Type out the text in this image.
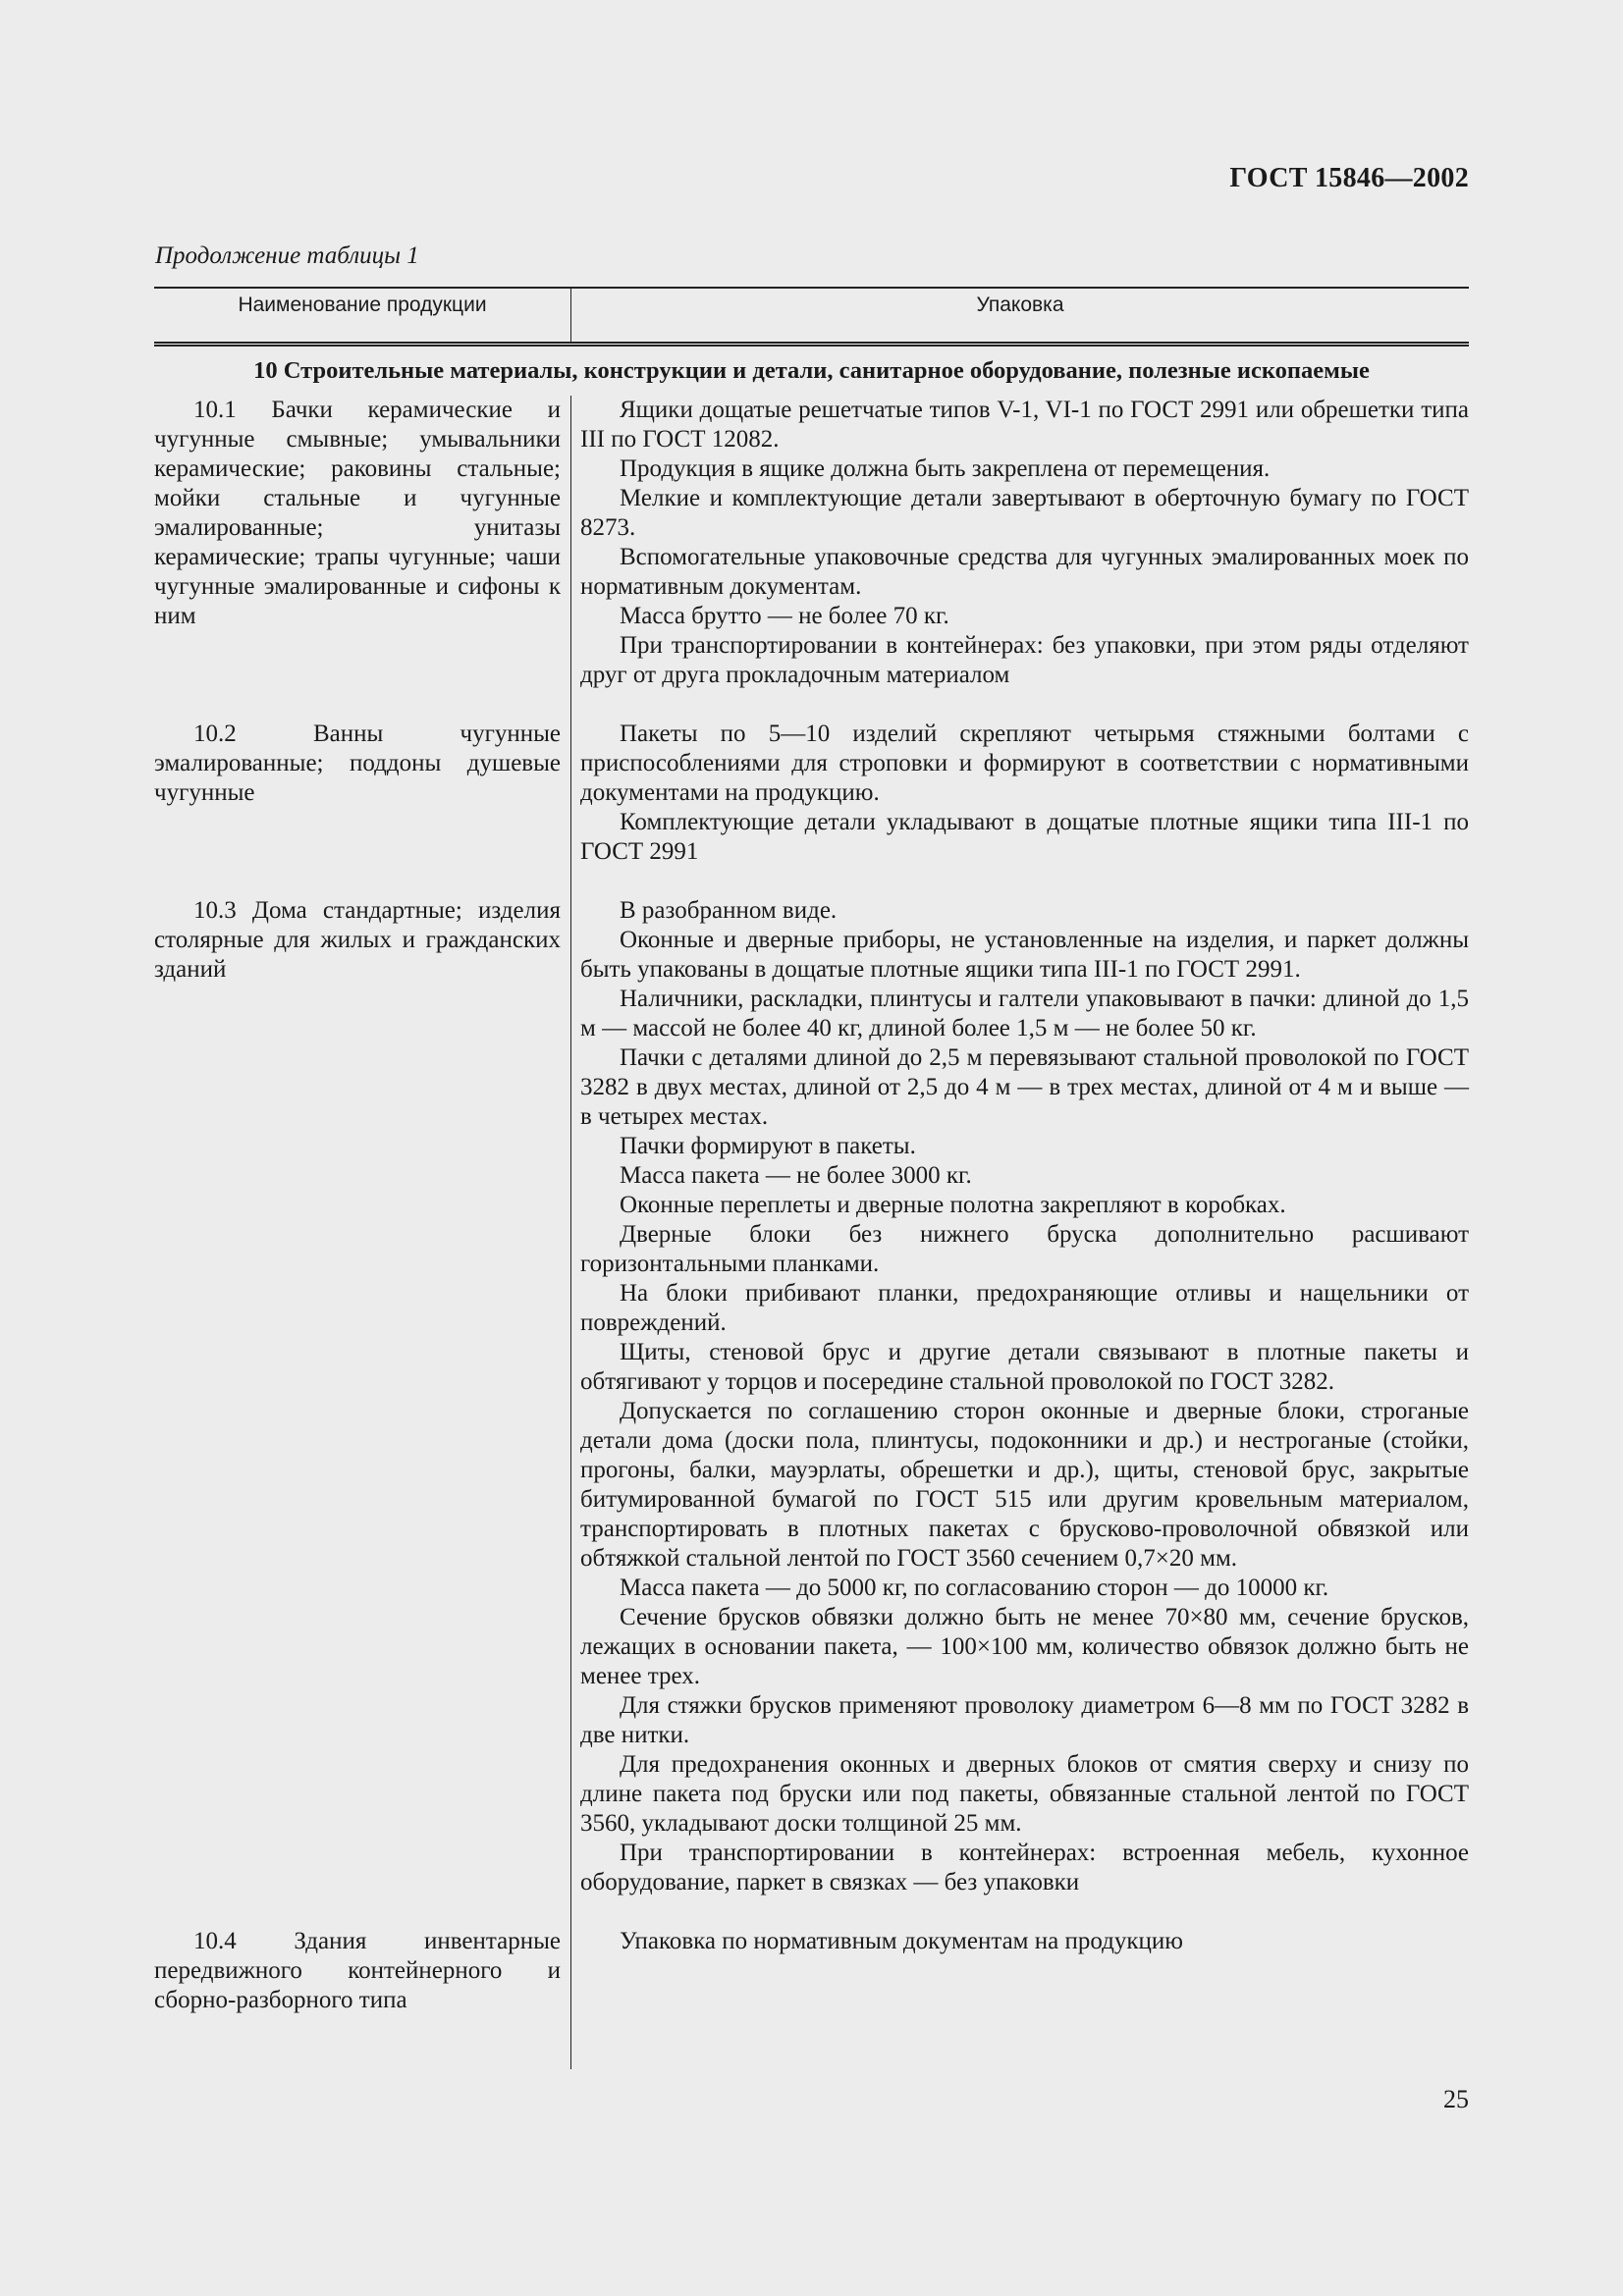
ГОСТ 15846—2002
Продолжение таблицы 1
Наименование продукции	Упаковка
10 Строительные материалы, конструкции и детали, санитарное оборудование, полезные ископаемые

10.1 Бачки керамические и чугунные смывные; умывальники керамические; раковины стальные; мойки стальные и чугунные эмалированные; унитазы керамические; трапы чугунные; чаши чугунные эмалированные и сифоны к ним

Ящики дощатые решетчатые типов V-1, VI-1 по ГОСТ 2991 или обрешетки типа III по ГОСТ 12082.

Продукция в ящике должна быть закреплена от перемещения.

Мелкие и комплектующие детали завертывают в оберточную бумагу по ГОСТ 8273.

Вспомогательные упаковочные средства для чугунных эмалированных моек по нормативным документам.

Масса брутто — не более 70 кг.

При транспортировании в контейнерах: без упаковки, при этом ряды отделяют друг от друга прокладочным материалом

10.2 Ванны чугунные эмалированные; поддоны душевые чугунные

Пакеты по 5—10 изделий скрепляют четырьмя стяжными болтами с приспособлениями для строповки и формируют в соответствии с нормативными документами на продукцию.

Комплектующие детали укладывают в дощатые плотные ящики типа III-1 по ГОСТ 2991

10.3 Дома стандартные; изделия столярные для жилых и гражданских зданий

В разобранном виде.

Оконные и дверные приборы, не установленные на изделия, и паркет должны быть упакованы в дощатые плотные ящики типа III-1 по ГОСТ 2991.

Наличники, раскладки, плинтусы и галтели упаковывают в пачки: длиной до 1,5 м — массой не более 40 кг, длиной более 1,5 м — не более 50 кг.

Пачки с деталями длиной до 2,5 м перевязывают стальной проволокой по ГОСТ 3282 в двух местах, длиной от 2,5 до 4 м — в трех местах, длиной от 4 м и выше — в четырех местах.

Пачки формируют в пакеты.

Масса пакета — не более 3000 кг.

Оконные переплеты и дверные полотна закрепляют в коробках.

Дверные блоки без нижнего бруска дополнительно расшивают горизонтальными планками.

На блоки прибивают планки, предохраняющие отливы и нащельники от повреждений.

Щиты, стеновой брус и другие детали связывают в плотные пакеты и обтягивают у торцов и посередине стальной проволокой по ГОСТ 3282.

Допускается по соглашению сторон оконные и дверные блоки, строганые детали дома (доски пола, плинтусы, подоконники и др.) и нестроганые (стойки, прогоны, балки, мауэрлаты, обрешетки и др.), щиты, стеновой брус, закрытые битумированной бумагой по ГОСТ 515 или другим кровельным материалом, транспортировать в плотных пакетах с брусково-проволочной обвязкой или обтяжкой стальной лентой по ГОСТ 3560 сечением 0,7×20 мм.

Масса пакета — до 5000 кг, по согласованию сторон — до 10000 кг.

Сечение брусков обвязки должно быть не менее 70×80 мм, сечение брусков, лежащих в основании пакета, — 100×100 мм, количество обвязок должно быть не менее трех.

Для стяжки брусков применяют проволоку диаметром 6—8 мм по ГОСТ 3282 в две нитки.

Для предохранения оконных и дверных блоков от смятия сверху и снизу по длине пакета под бруски или под пакеты, обвязанные стальной лентой по ГОСТ 3560, укладывают доски толщиной 25 мм.

При транспортировании в контейнерах: встроенная мебель, кухонное оборудование, паркет в связках — без упаковки

10.4 Здания инвентарные передвижного контейнерного и сборно-разборного типа

Упаковка по нормативным документам на продукцию

25
